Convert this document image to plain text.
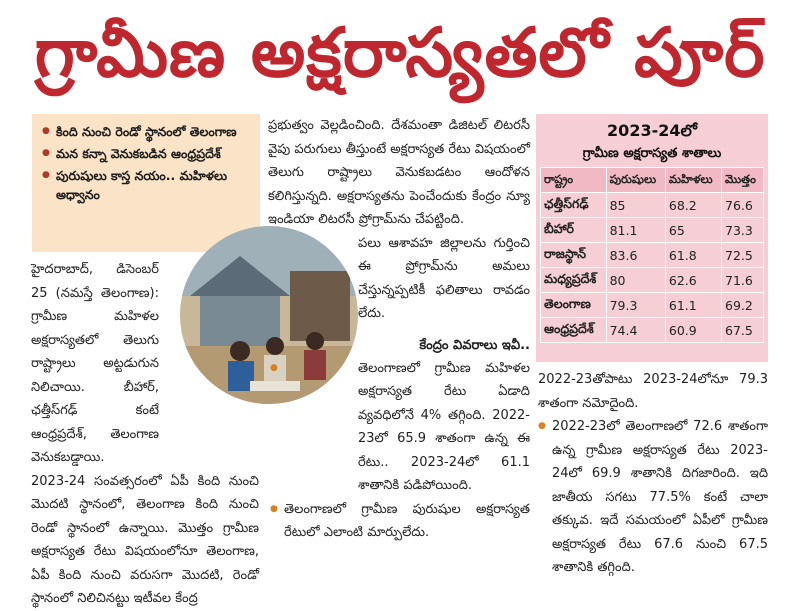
గ్రామీణ అక్షరాస్యతలో పూర్
● కింది నుంచి రెండో స్థానంలో తెలంగాణ
● మన కన్నా వెనుకబడిన ఆంధ్రప్రదేశ్
● పురుషులు కాస్త నయం.. మహిళలు అధ్వానం

హైదరాబాద్, డిసెంబర్ 25 (నమస్తే తెలంగాణ): గ్రామీణ మహిళల అక్షరాస్యతలో తెలుగు రాష్ట్రాలు అట్టడుగున నిలిచాయి. బీహార్, ఛత్తీస్‌గఢ్ కంటే ఆంధ్రప్రదేశ్, తెలంగాణ వెనుకబడ్డాయి.

2023-24 సంవత్సరంలో ఏపీ కింది నుంచి మొదటి స్థానంలో, తెలంగాణ కింది నుంచి రెండో స్థానంలో ఉన్నాయి. మొత్తం గ్రామీణ అక్షరాస్యత రేటు విషయంలోనూ తెలంగాణ, ఏపీ కింది నుంచి వరుసగా మొదటి, రెండో స్థానంలో నిలిచినట్టు ఇటీవల కేంద్ర

ప్రభుత్వం వెల్లడించింది. దేశమంతా డిజిటల్ లిటరసీ వైపు పరుగులు తీస్తుంటే అక్షరాస్యత రేటు విషయంలో తెలుగు రాష్ట్రాలు వెనుకబడటం ఆందోళన కలిగిస్తున్నది. అక్షరాస్యతను పెంచేందుకు కేంద్రం న్యూ ఇండియా లిటరసీ ప్రోగ్రామ్‌ను చేపట్టింది.

పలు ఆశావహ జిల్లాలను గుర్తించి ఈ ప్రోగ్రామ్‌ను అమలు చేస్తున్నప్పటికీ ఫలితాలు రావడం లేదు.

కేంద్రం వివరాలు ఇవీ..

● తెలంగాణలో గ్రామీణ మహిళల అక్షరాస్యత రేటు ఏడాది వ్యవధిలోనే 4% తగ్గింది. 2022-23లో 65.9 శాతంగా ఉన్న ఈ రేటు.. 2023-24లో 61.1 శాతానికి పడిపోయింది.

● తెలంగాణలో గ్రామీణ పురుషుల అక్షరాస్యత రేటులో ఎలాంటి మార్పులేదు.

2023-24లో
గ్రామీణ అక్షరాస్యత శాతాలు
రాష్ట్రం	పురుషులు	మహిళలు	మొత్తం
ఛత్తీస్‌గఢ్	85	68.2	76.6
బీహార్	81.1	65	73.3
రాజస్థాన్	83.6	61.8	72.5
మధ్యప్రదేశ్	80	62.6	71.6
తెలంగాణ	79.3	61.1	69.2
ఆంధ్రప్రదేశ్	74.4	60.9	67.5

2022-23తోపాటు 2023-24లోనూ 79.3 శాతంగా నమోదైంది.

● 2022-23లో తెలంగాణలో 72.6 శాతంగా ఉన్న గ్రామీణ అక్షరాస్యత రేటు 2023-24లో 69.9 శాతానికి దిగజారింది. ఇది జాతీయ సగటు 77.5% కంటే చాలా తక్కువ. ఇదే సమయంలో ఏపీలో గ్రామీణ అక్షరాస్యత రేటు 67.6 నుంచి 67.5 శాతానికి తగ్గింది.
